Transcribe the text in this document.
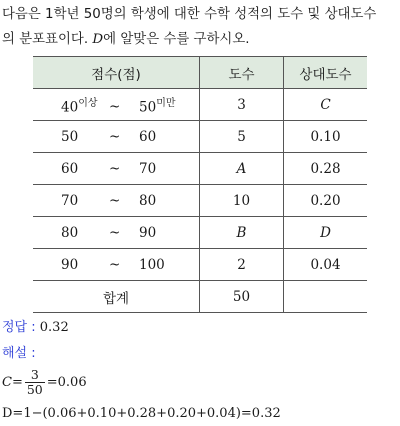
다음은 1학년 50명의 학생에 대한 수학 성적의 도수 및 상대도수
의 분포표이다. D에 알맞은 수를 구하시오.
점수(점)	도수	상대도수
$40^{이상}$ ~ $50^{미만}$	3	C
50 ~ 60	5	0.10
60 ~ 70	A	0.28
70 ~ 80	10	0.20
80 ~ 90	B	D
90 ~ 100	2	0.04
합계	50	
정답 : 0.32
해설 :
$C= \frac{3}{50} =0.06$
D=1−(0.06+0.10+0.28+0.20+0.04)=0.32
